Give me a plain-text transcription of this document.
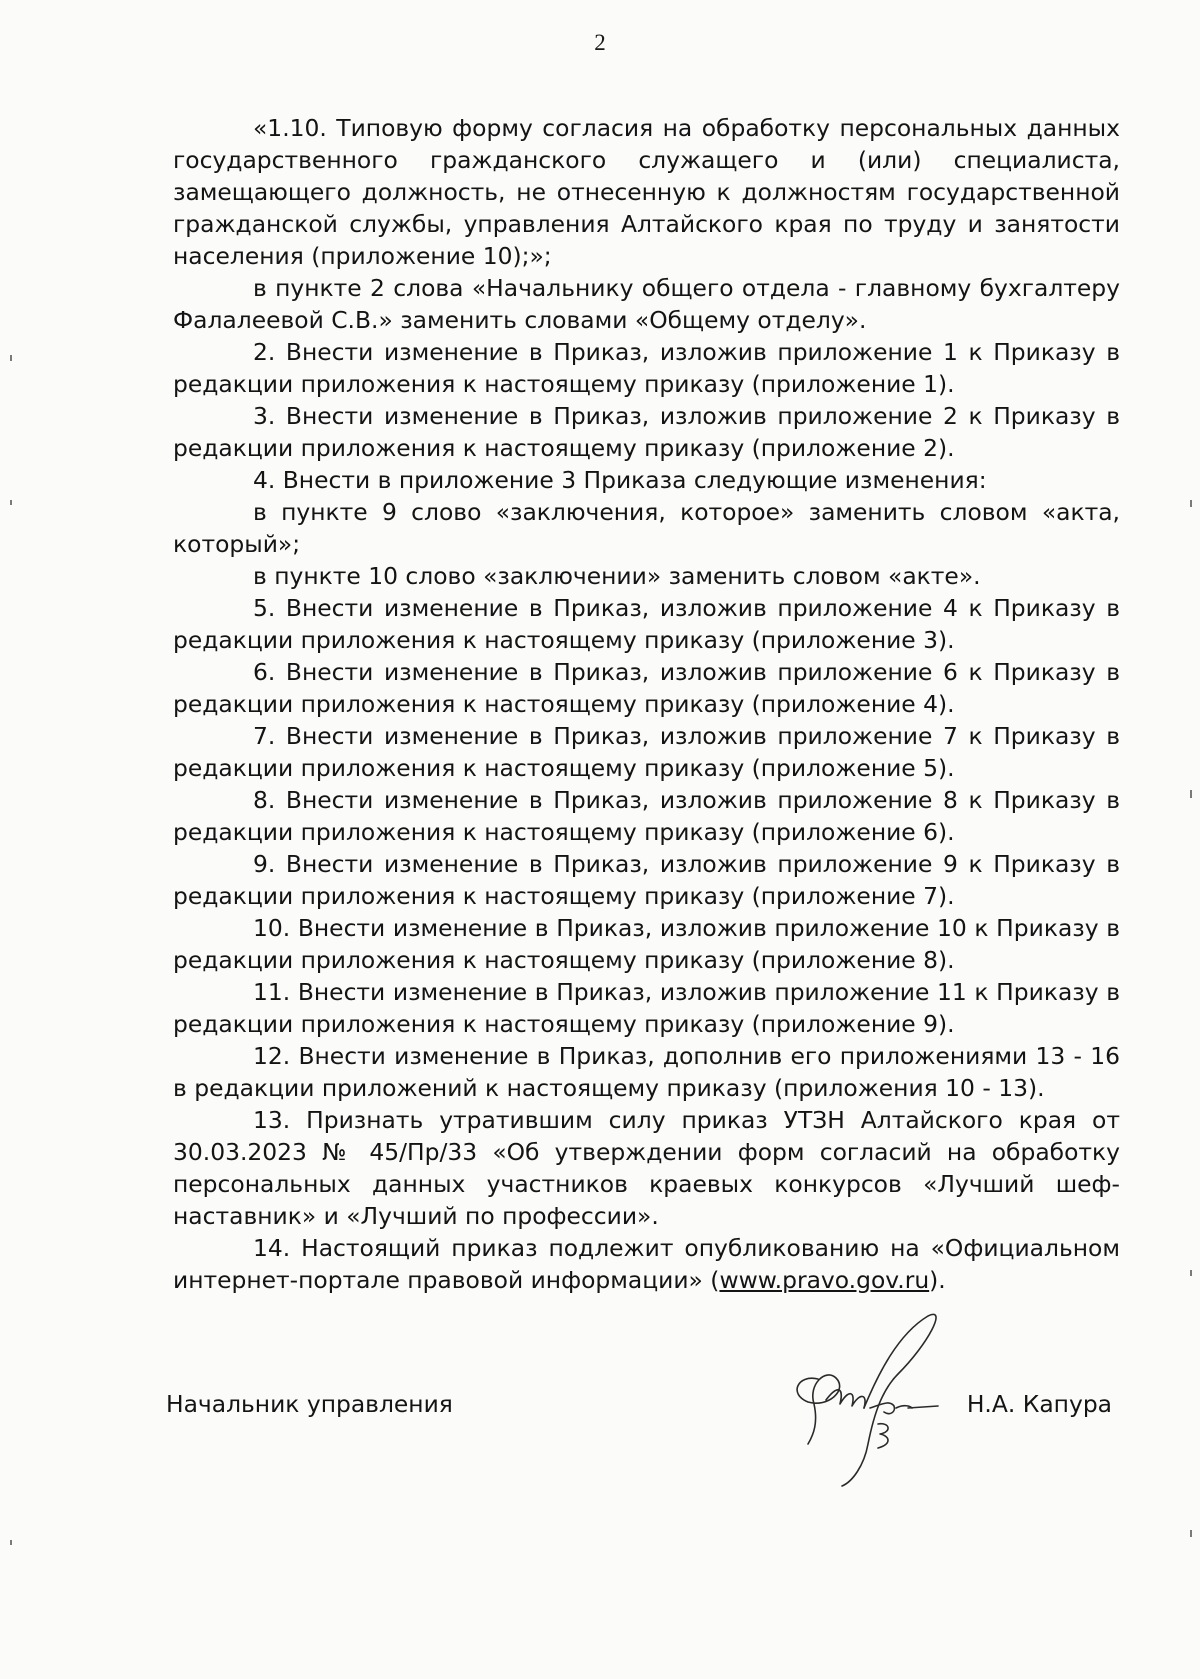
2

«1.10. Типовую форму согласия на обработку персональных данных государственного гражданского служащего и (или) специалиста, замещающего должность, не отнесенную к должностям государственной гражданской службы, управления Алтайского края по труду и занятости населения (приложение 10);»;

в пункте 2 слова «Начальнику общего отдела - главному бухгалтеру Фалалеевой С.В.» заменить словами «Общему отделу».

2. Внести изменение в Приказ, изложив приложение 1 к Приказу в редакции приложения к настоящему приказу (приложение 1).

3. Внести изменение в Приказ, изложив приложение 2 к Приказу в редакции приложения к настоящему приказу (приложение 2).

4. Внести в приложение 3 Приказа следующие изменения:

в пункте 9 слово «заключения, которое» заменить словом «акта, который»;

в пункте 10 слово «заключении» заменить словом «акте».

5. Внести изменение в Приказ, изложив приложение 4 к Приказу в редакции приложения к настоящему приказу (приложение 3).

6. Внести изменение в Приказ, изложив приложение 6 к Приказу в редакции приложения к настоящему приказу (приложение 4).

7. Внести изменение в Приказ, изложив приложение 7 к Приказу в редакции приложения к настоящему приказу (приложение 5).

8. Внести изменение в Приказ, изложив приложение 8 к Приказу в редакции приложения к настоящему приказу (приложение 6).

9. Внести изменение в Приказ, изложив приложение 9 к Приказу в редакции приложения к настоящему приказу (приложение 7).

10. Внести изменение в Приказ, изложив приложение 10 к Приказу в редакции приложения к настоящему приказу (приложение 8).

11. Внести изменение в Приказ, изложив приложение 11 к Приказу в редакции приложения к настоящему приказу (приложение 9).

12. Внести изменение в Приказ, дополнив его приложениями 13 - 16 в редакции приложений к настоящему приказу (приложения 10 - 13).

13. Признать утратившим силу приказ УТЗН Алтайского края от 30.03.2023 № 45/Пр/33 «Об утверждении форм согласий на обработку персональных данных участников краевых конкурсов «Лучший шеф-наставник» и «Лучший по профессии».

14. Настоящий приказ подлежит опубликованию на «Официальном интернет-портале правовой информации» (www.pravo.gov.ru).

Начальник управления	Н.А. Капура
